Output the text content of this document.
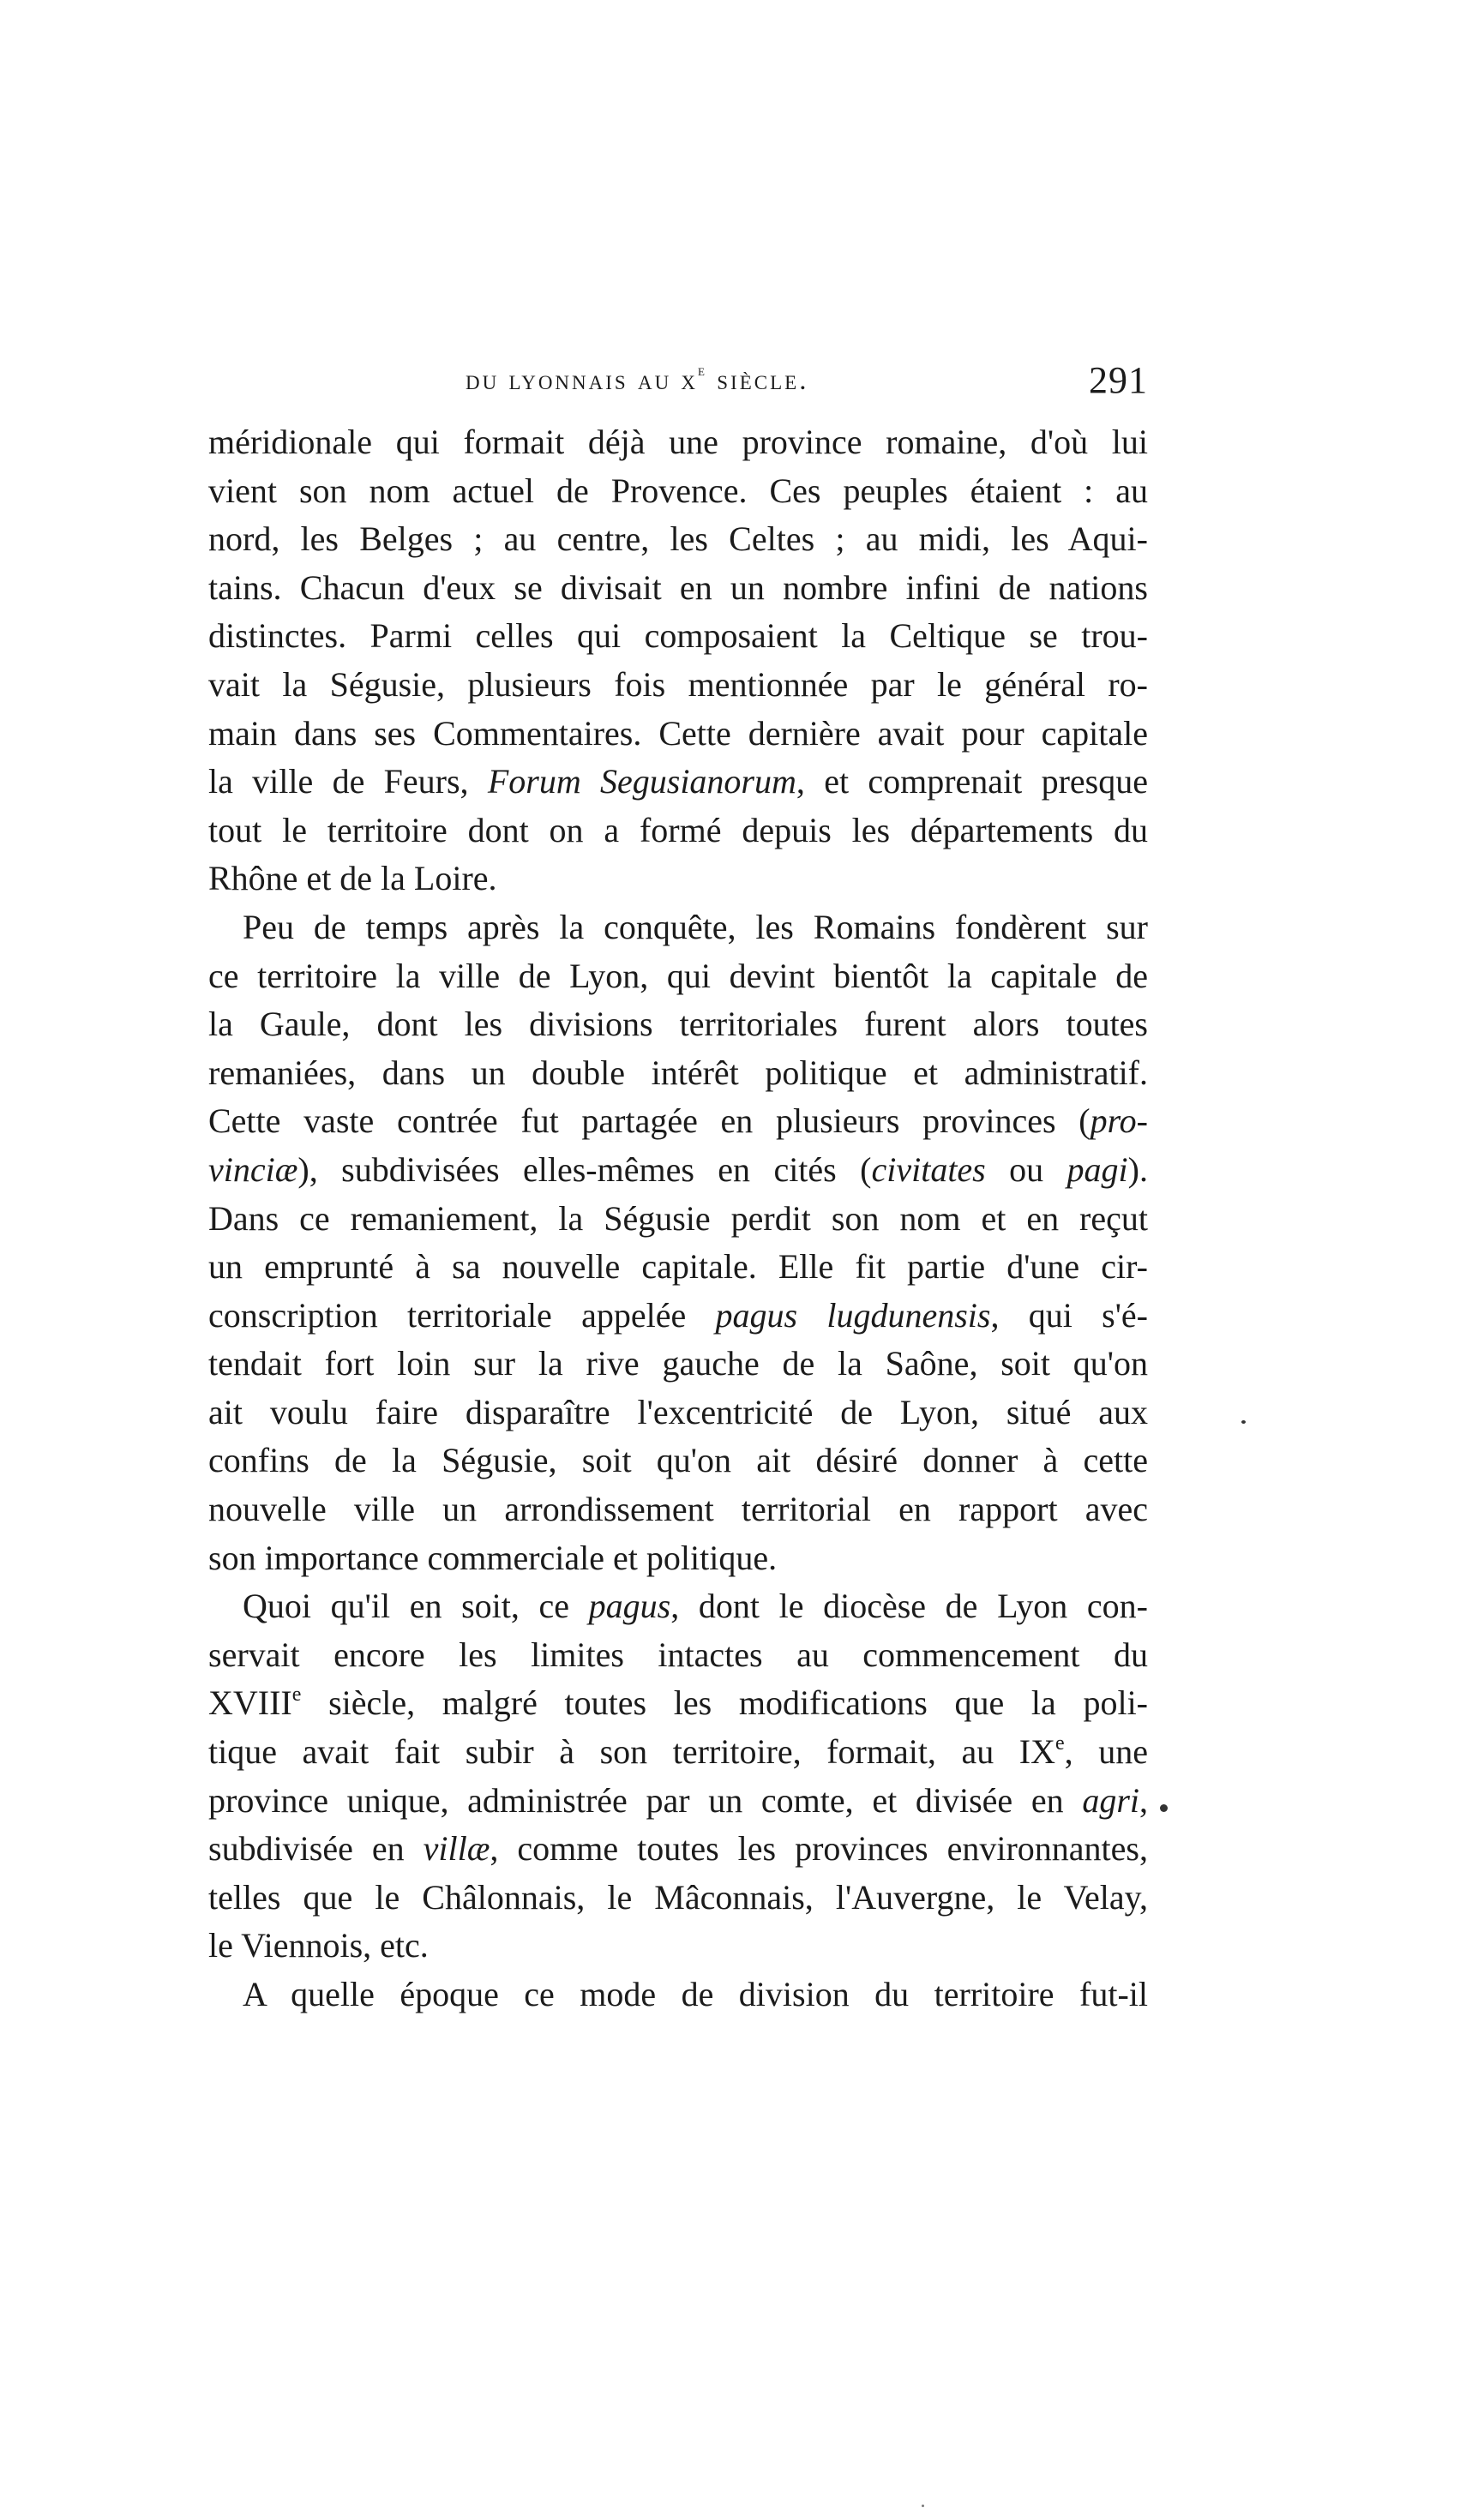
du lyonnais au $x^e$ siècle.	291
méridionale qui formait déjà une province romaine, d'où lui
vient son nom actuel de Provence. Ces peuples étaient : au
nord, les Belges ; au centre, les Celtes ; au midi, les Aqui-
tains. Chacun d'eux se divisait en un nombre infini de nations
distinctes. Parmi celles qui composaient la Celtique se trou-
vait la Ségusie, plusieurs fois mentionnée par le général ro-
main dans ses Commentaires. Cette dernière avait pour capitale
la ville de Feurs, Forum Segusianorum, et comprenait presque
tout le territoire dont on a formé depuis les départements du
Rhône et de la Loire.
Peu de temps après la conquête, les Romains fondèrent sur
ce territoire la ville de Lyon, qui devint bientôt la capitale de
la Gaule, dont les divisions territoriales furent alors toutes
remaniées, dans un double intérêt politique et administratif.
Cette vaste contrée fut partagée en plusieurs provinces (pro-
vinciæ), subdivisées elles-mêmes en cités (civitates ou pagi).
Dans ce remaniement, la Ségusie perdit son nom et en reçut
un emprunté à sa nouvelle capitale. Elle fit partie d'une cir-
conscription territoriale appelée pagus lugdunensis, qui s'é-
tendait fort loin sur la rive gauche de la Saône, soit qu'on
ait voulu faire disparaître l'excentricité de Lyon, situé aux
confins de la Ségusie, soit qu'on ait désiré donner à cette
nouvelle ville un arrondissement territorial en rapport avec
son importance commerciale et politique.
Quoi qu'il en soit, ce pagus, dont le diocèse de Lyon con-
servait encore les limites intactes au commencement du
XVIIIe siècle, malgré toutes les modifications que la poli-
tique avait fait subir à son territoire, formait, au IXe, une
province unique, administrée par un comte, et divisée en agri,
subdivisée en villæ, comme toutes les provinces environnantes,
telles que le Châlonnais, le Mâconnais, l'Auvergne, le Velay,
le Viennois, etc.
A quelle époque ce mode de division du territoire fut-il
